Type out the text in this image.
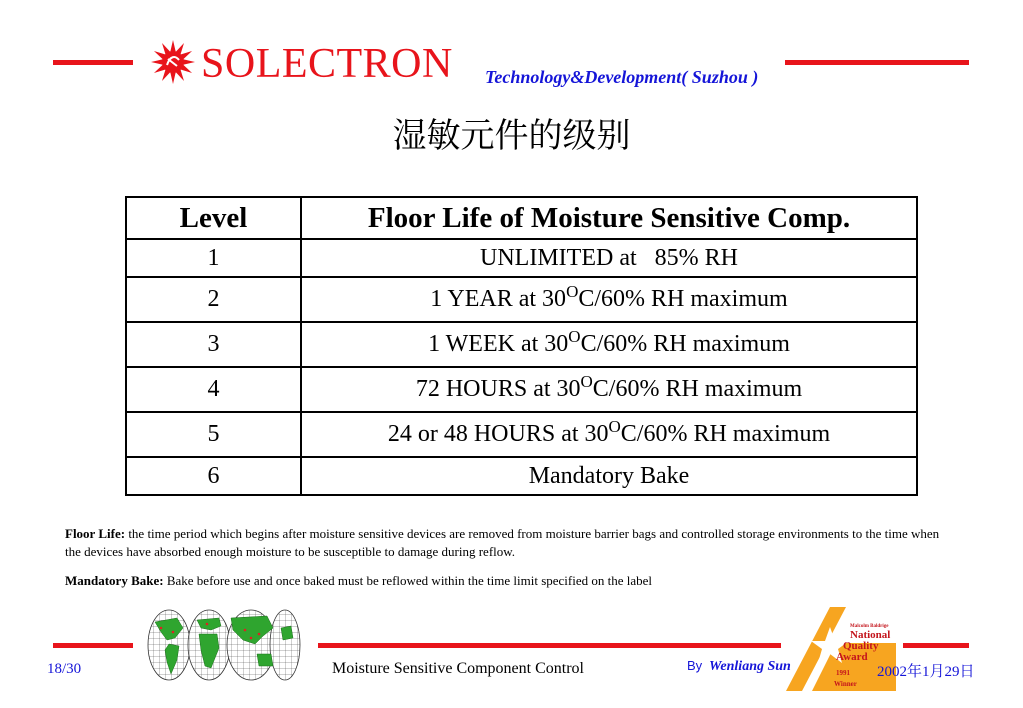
SOLECTRON Technology&Development( Suzhou )
湿敏元件的级别
Level	Floor Life of Moisture Sensitive Comp.
1	UNLIMITED at   85% RH
2	1 YEAR at $30^OC/60\%$ RH maximum
3	1 WEEK at $30^OC/60\%$ RH maximum
4	72 HOURS at $30^OC/60\%$ RH maximum
5	24 or 48 HOURS at $30^OC/60\%$ RH maximum
6	Mandatory Bake
Floor Life: the time period which begins after moisture sensitive devices are removed from moisture barrier bags and controlled storage environments to the time when the devices have absorbed enough moisture to be susceptible to damage during reflow.
Mandatory Bake: Bake before use and once baked must be reflowed within the time limit specified on the label
Malcolm Baldrige
National
Quality
Award
1991
Winner
18/30	Moisture Sensitive Component Control	By Wenliang Sun	2002年1月29日
